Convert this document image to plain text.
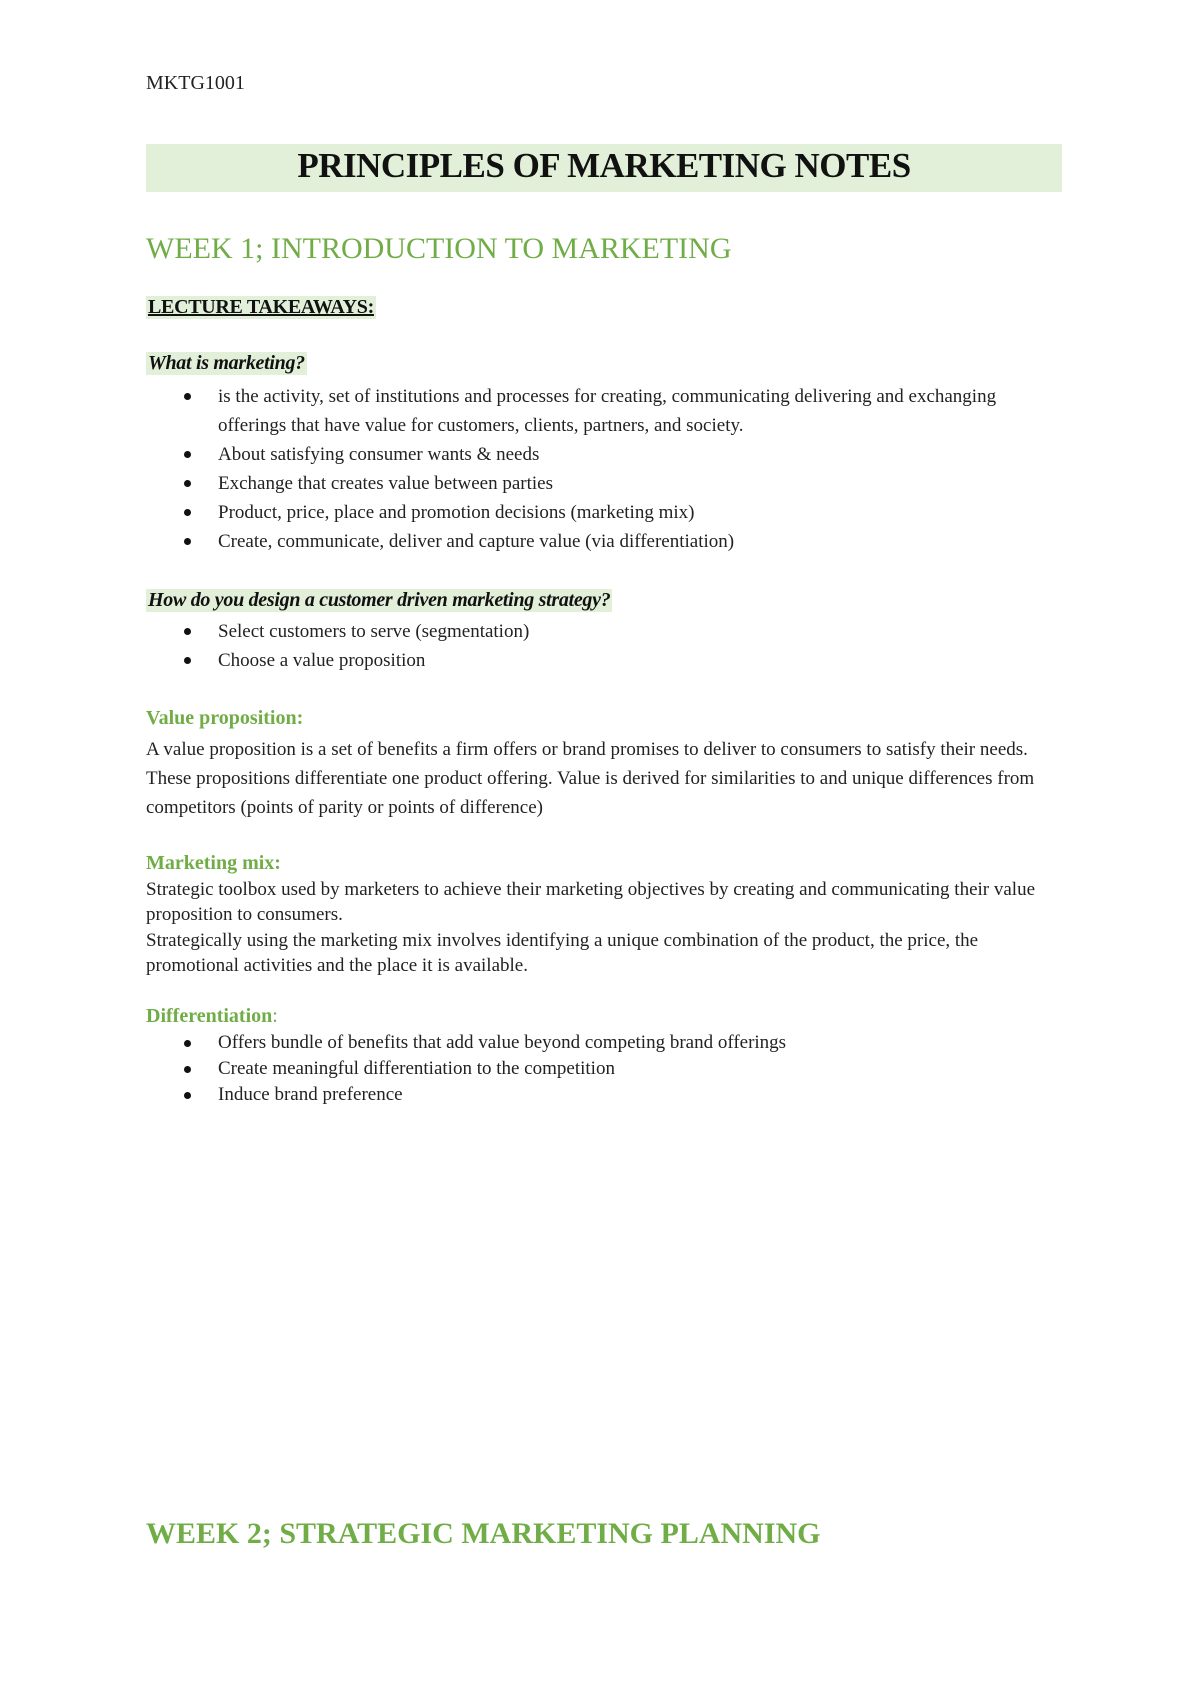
MKTG1001
PRINCIPLES OF MARKETING NOTES
WEEK 1; INTRODUCTION TO MARKETING
LECTURE TAKEAWAYS:
What is marketing?
is the activity, set of institutions and processes for creating, communicating delivering and exchanging offerings that have value for customers, clients, partners, and society.
About satisfying consumer wants & needs
Exchange that creates value between parties
Product, price, place and promotion decisions (marketing mix)
Create, communicate, deliver and capture value (via differentiation)
How do you design a customer driven marketing strategy?
Select customers to serve (segmentation)
Choose a value proposition
Value proposition:

A value proposition is a set of benefits a firm offers or brand promises to deliver to consumers to satisfy their needs. These propositions differentiate one product offering. Value is derived for similarities to and unique differences from competitors (points of parity or points of difference)

Marketing mix:

Strategic toolbox used by marketers to achieve their marketing objectives by creating and communicating their value proposition to consumers.

Strategically using the marketing mix involves identifying a unique combination of the product, the price, the promotional activities and the place it is available.

Differentiation:
Offers bundle of benefits that add value beyond competing brand offerings
Create meaningful differentiation to the competition
Induce brand preference
WEEK 2; STRATEGIC MARKETING PLANNING
